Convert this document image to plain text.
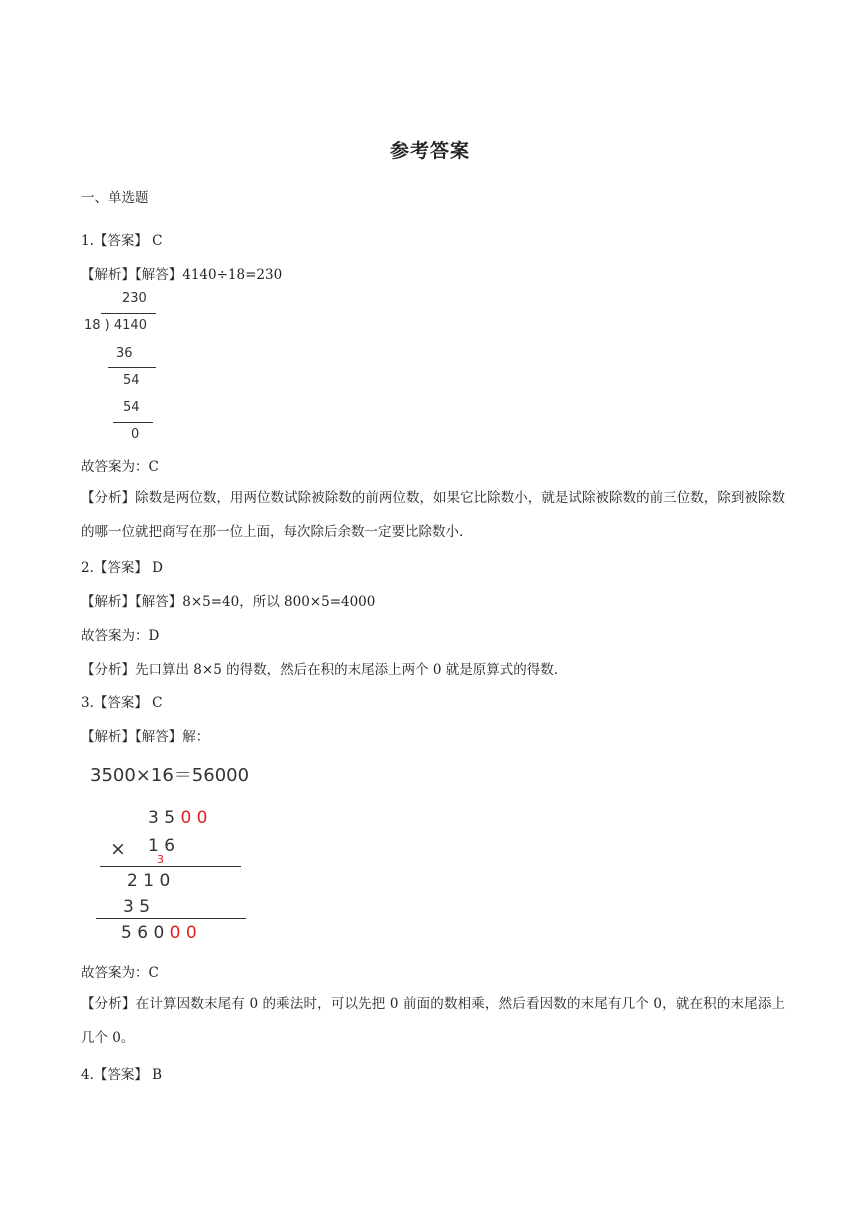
参考答案
一、单选题
1.【答案】 C
【解析】【解答】4140÷18=230
230
18 ) 4140
36
54
54
0
故答案为：C
【分析】除数是两位数，用两位数试除被除数的前两位数，如果它比除数小，就是试除被除数的前三位数，除到被除数的哪一位就把商写在那一位上面，每次除后余数一定要比除数小.
2.【答案】 D
【解析】【解答】8×5=40，所以 800×5=4000
故答案为：D
【分析】先口算出 8×5 的得数，然后在积的末尾添上两个 0 就是原算式的得数.
3.【答案】 C
【解析】【解答】解：
3500×16＝56000
3 5 0 0
× 1 6
3
2 1 0
3 5
5 6 0 0 0
故答案为：C
【分析】在计算因数末尾有 0 的乘法时，可以先把 0 前面的数相乘，然后看因数的末尾有几个 0，就在积的末尾添上几个 0。
4.【答案】 B
